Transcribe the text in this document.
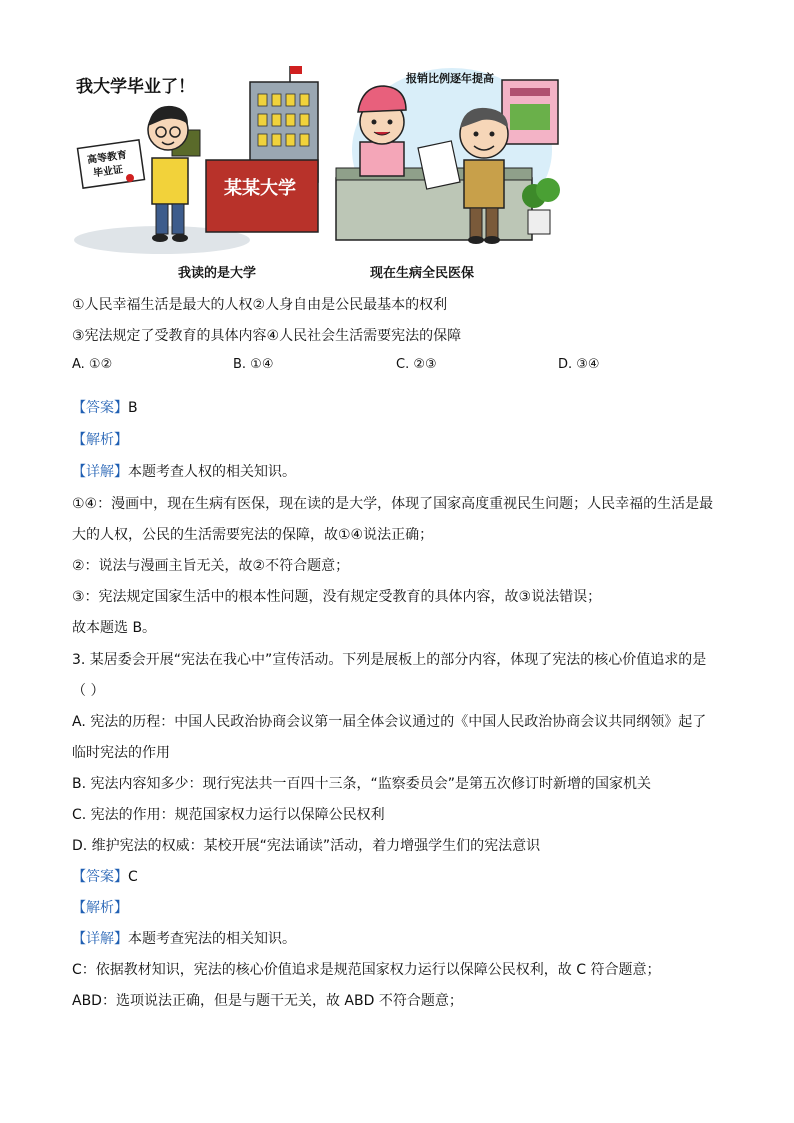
某某大学
我大学毕业了！
高等教育
毕业证
报销比例逐年提高
我读的是大学	现在生病全民医保
①人民幸福生活是最大的人权②人身自由是公民最基本的权利
③宪法规定了受教育的具体内容④人民社会生活需要宪法的保障
A. ①②	B. ①④	C. ②③	D. ③④
【答案】B
【解析】
【详解】本题考查人权的相关知识。
①④：漫画中，现在生病有医保，现在读的是大学，体现了国家高度重视民生问题；人民幸福的生活是最
大的人权，公民的生活需要宪法的保障，故①④说法正确；
②：说法与漫画主旨无关，故②不符合题意；
③：宪法规定国家生活中的根本性问题，没有规定受教育的具体内容，故③说法错误；
故本题选 B。
3. 某居委会开展“宪法在我心中”宣传活动。下列是展板上的部分内容，体现了宪法的核心价值追求的是
（ ）
A. 宪法的历程：中国人民政治协商会议第一届全体会议通过的《中国人民政治协商会议共同纲领》起了
临时宪法的作用
B. 宪法内容知多少：现行宪法共一百四十三条，“监察委员会”是第五次修订时新增的国家机关
C. 宪法的作用：规范国家权力运行以保障公民权利
D. 维护宪法的权威：某校开展“宪法诵读”活动，着力增强学生们的宪法意识
【答案】C
【解析】
【详解】本题考查宪法的相关知识。
C：依据教材知识，宪法的核心价值追求是规范国家权力运行以保障公民权利，故 C 符合题意；
ABD：选项说法正确，但是与题干无关，故 ABD 不符合题意；
